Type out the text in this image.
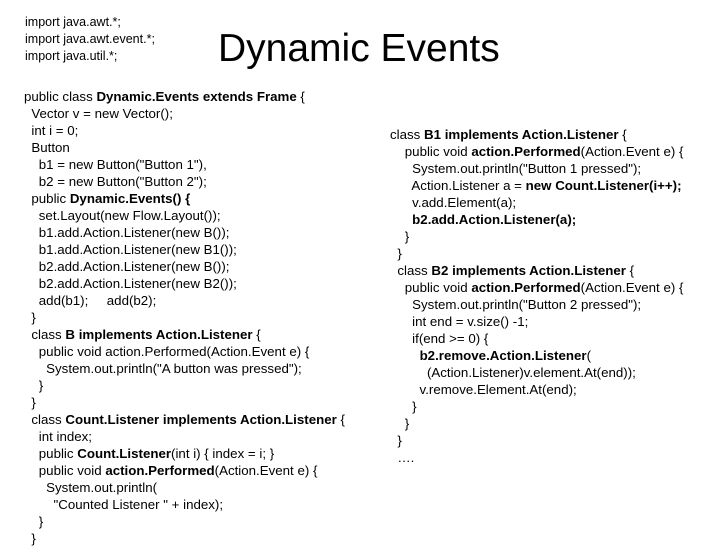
import java.awt.*;
import java.awt.event.*;
import java.util.*;	Dynamic Events
public class Dynamic.Events extends Frame {
Vector v = new Vector();
int i = 0;
Button
b1 = new Button("Button 1"),
b2 = new Button("Button 2");
public Dynamic.Events() {
set.Layout(new Flow.Layout());
b1.add.Action.Listener(new B());
b1.add.Action.Listener(new B1());
b2.add.Action.Listener(new B());
b2.add.Action.Listener(new B2());
add(b1);     add(b2);
}
class B implements Action.Listener {
public void action.Performed(Action.Event e) {
System.out.println("A button was pressed");
}
}
class Count.Listener implements Action.Listener {
int index;
public Count.Listener(int i) { index = i; }
public void action.Performed(Action.Event e) {
System.out.println(
"Counted Listener " + index);
}
}
class B1 implements Action.Listener {
public void action.Performed(Action.Event e) {
System.out.println("Button 1 pressed");
Action.Listener a = new Count.Listener(i++);
v.add.Element(a);
b2.add.Action.Listener(a);
}
}
class B2 implements Action.Listener {
public void action.Performed(Action.Event e) {
System.out.println("Button 2 pressed");
int end = v.size() -1;
if(end >= 0) {
b2.remove.Action.Listener(
(Action.Listener)v.element.At(end));
v.remove.Element.At(end);
}
}
}
….
